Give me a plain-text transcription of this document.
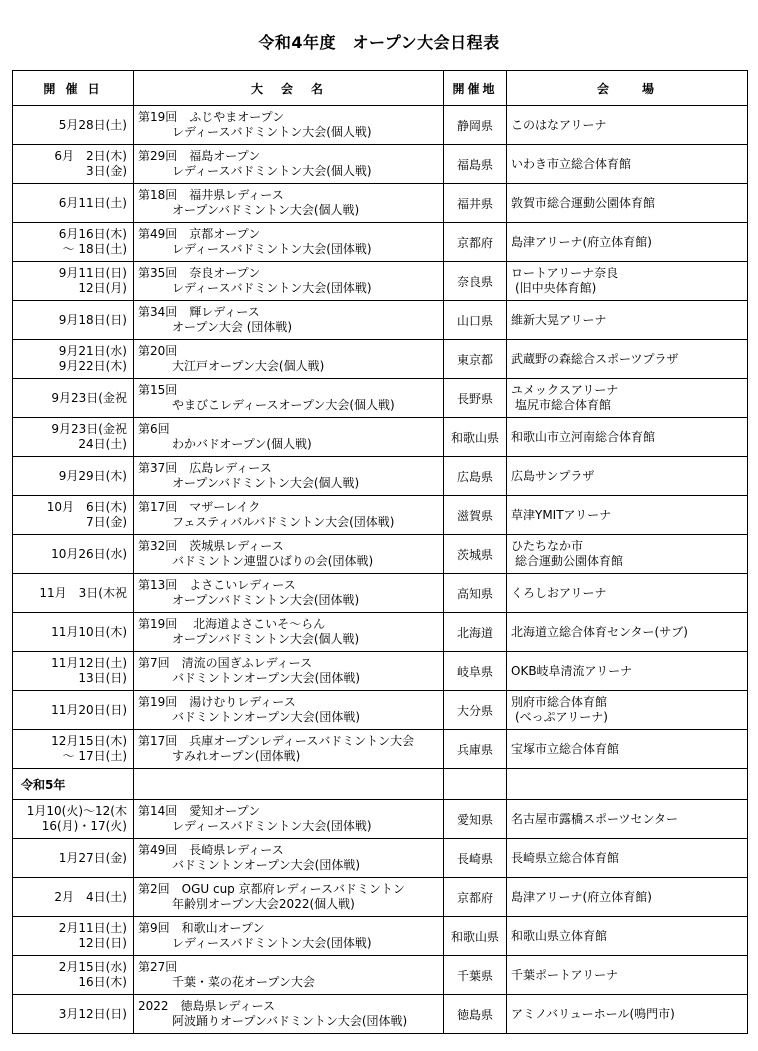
令和4年度　オープン大会日程表
開 催 日	大　会　名	開催地	会　　場

5月28日(土)	第19回　ふじやまオープン
レディースバドミントン大会(個人戦)	静岡県	このはなアリーナ

6月　2日(木)
3日(金)	第29回　福島オープン
レディースバドミントン大会(個人戦)	福島県	いわき市立総合体育館

6月11日(土)	第18回　福井県レディース
オープンバドミントン大会(個人戦)	福井県	敦賀市総合運動公園体育館

6月16日(木)
～ 18日(土)	第49回　京都オープン
レディースバドミントン大会(団体戦)	京都府	島津アリーナ(府立体育館)

9月11日(日)
12日(月)	第35回　奈良オープン
レディースバドミントン大会(団体戦)	奈良県	ロートアリーナ奈良
(旧中央体育館)

9月18日(日)	第34回　輝レディース
オープン大会 (団体戦)	山口県	維新大晃アリーナ

9月21日(水)
9月22日(木)	第20回
大江戸オープン大会(個人戦)	東京都	武蔵野の森総合スポーツプラザ

9月23日(金祝	第15回
やまびこレディースオープン大会(個人戦)	長野県	ユメックスアリーナ
塩尻市総合体育館

9月23日(金祝
24日(土)	第6回
わかバドオープン(個人戦)	和歌山県	和歌山市立河南総合体育館

9月29日(木)	第37回　広島レディース
オープンバドミントン大会(個人戦)	広島県	広島サンプラザ

10月　6日(木)
7日(金)	第17回　マザーレイク
フェスティバルバドミントン大会(団体戦)	滋賀県	草津YMITアリーナ

10月26日(水)	第32回　茨城県レディース
バドミントン連盟ひばりの会(団体戦)	茨城県	ひたちなか市
総合運動公園体育館

11月　3日(木祝	第13回　よさこいレディース
オープンバドミントン大会(団体戦)	高知県	くろしおアリーナ

11月10日(木)	第19回　 北海道よさこいそ～らん
オープンバドミントン大会(個人戦)	北海道	北海道立総合体育センター(サブ)

11月12日(土)
13日(日)	第7回　清流の国ぎふレディース
バドミントンオープン大会(団体戦)	岐阜県	OKB岐阜清流アリーナ

11月20日(日)	第19回　湯けむりレディース
バドミントンオープン大会(団体戦)	大分県	別府市総合体育館
(べっぷアリーナ)

12月15日(木)
～ 17日(土)	第17回　兵庫オープンレディースバドミントン大会
すみれオープン(団体戦)	兵庫県	宝塚市立総合体育館

令和5年			

1月10(火)～12(木
16(月)・17(火)	第14回　愛知オープン
レディースバドミントン大会(団体戦)	愛知県	名古屋市露橋スポーツセンター

1月27日(金)	第49回　長崎県レディース
バドミントンオープン大会(団体戦)	長崎県	長崎県立総合体育館

2月　4日(土)	第2回　OGU cup 京都府レディースバドミントン
年齢別オープン大会2022(個人戦)	京都府	島津アリーナ(府立体育館)

2月11日(土)
12日(日)	第9回　和歌山オープン
レディースバドミントン大会(団体戦)	和歌山県	和歌山県立体育館

2月15日(水)
16日(木)	第27回
千葉・菜の花オープン大会	千葉県	千葉ポートアリーナ

3月12日(日)	2022　徳島県レディース
阿波踊りオープンバドミントン大会(団体戦)	徳島県	アミノバリューホール(鳴門市)
